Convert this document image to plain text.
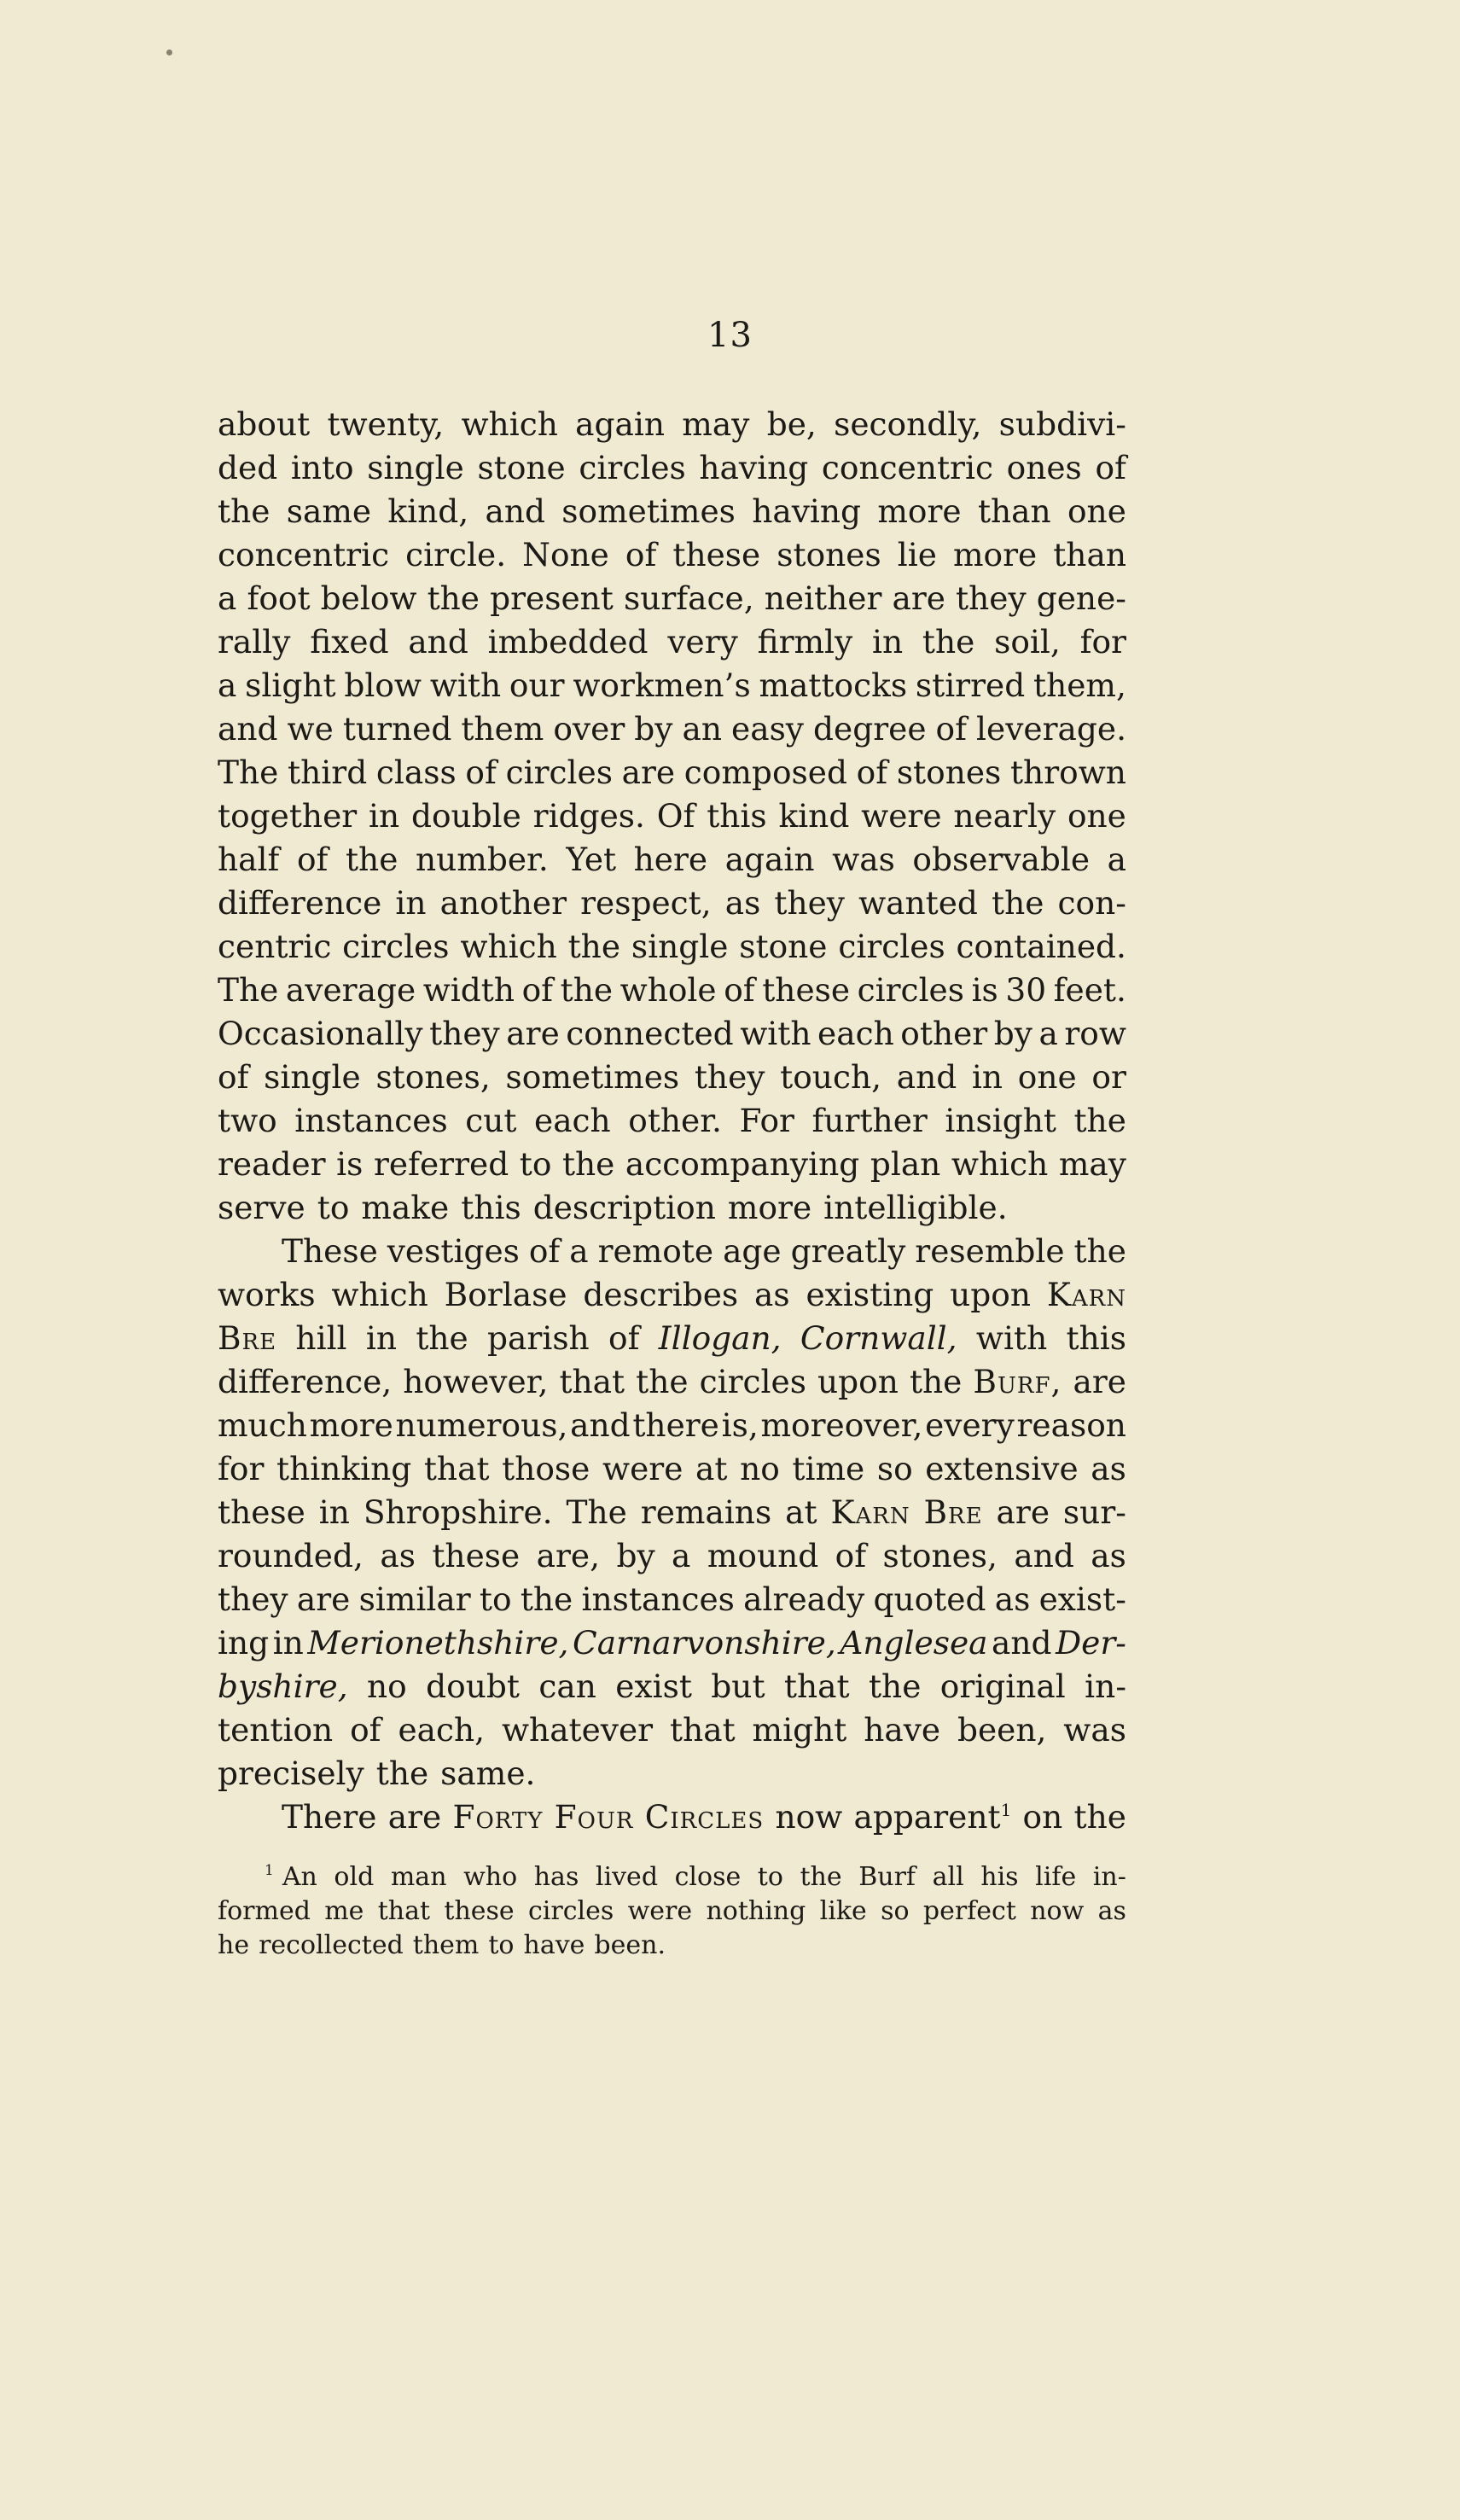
13
about twenty, which again may be, secondly, subdivi-
ded into single stone circles having concentric ones of
the same kind, and sometimes having more than one
concentric circle. None of these stones lie more than
a foot below the present surface, neither are they gene-
rally fixed and imbedded very firmly in the soil, for
a slight blow with our workmen’s mattocks stirred them,
and we turned them over by an easy degree of leverage.
The third class of circles are composed of stones thrown
together in double ridges. Of this kind were nearly one
half of the number. Yet here again was observable a
difference in another respect, as they wanted the con-
centric circles which the single stone circles contained.
The average width of the whole of these circles is 30 feet.
Occasionally they are connected with each other by a row
of single stones, sometimes they touch, and in one or
two instances cut each other. For further insight the
reader is referred to the accompanying plan which may
serve to make this description more intelligible.
These vestiges of a remote age greatly resemble the
works which Borlase describes as existing upon Karn
Bre hill in the parish of Illogan, Cornwall, with this
difference, however, that the circles upon the Burf, are
much more numerous, and there is, moreover, every reason
for thinking that those were at no time so extensive as
these in Shropshire. The remains at Karn Bre are sur-
rounded, as these are, by a mound of stones, and as
they are similar to the instances already quoted as exist-
ing in Merionethshire, Carnarvonshire, Anglesea and Der-
byshire, no doubt can exist but that the original in-
tention of each, whatever that might have been, was
precisely the same.
There are Forty Four Circles now apparent$^1$ on the
$^1$ An old man who has lived close to the Burf all his life in-
formed me that these circles were nothing like so perfect now as
he recollected them to have been.
